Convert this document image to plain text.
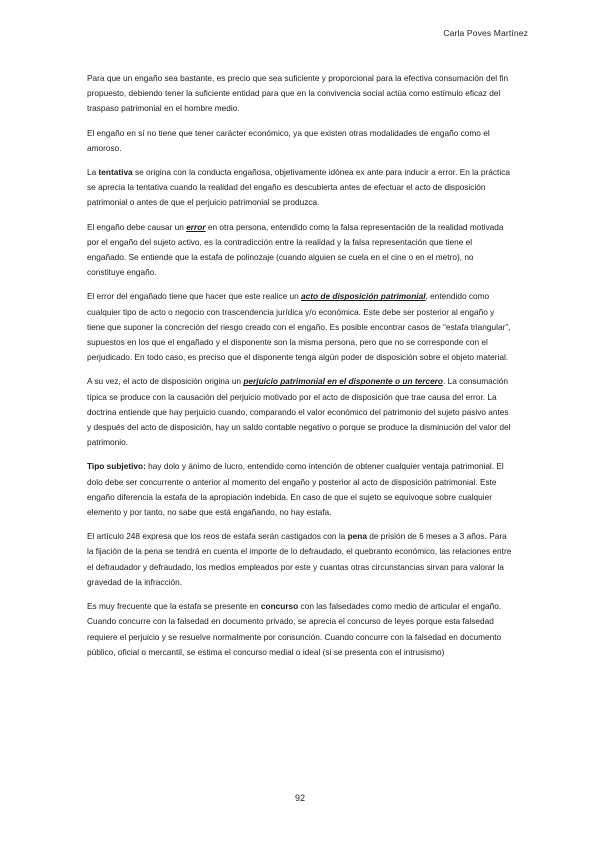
Carla Poves Martínez

Para que un engaño sea bastante, es precio que sea suficiente y proporcional para la efectiva consumación del fin propuesto, debiendo tener la suficiente entidad para que en la convivencia social actúa como estímulo eficaz del traspaso patrimonial en el hombre medio.

El engaño en sí no tiene que tener carácter económico, ya que existen otras modalidades de engaño como el amoroso.

La tentativa se origina con la conducta engañosa, objetivamente idónea ex ante para inducir a error. En la práctica se aprecia la tentativa cuando la realidad del engaño es descubierta antes de efectuar el acto de disposición patrimonial o antes de que el perjuicio patrimonial se produzca.

El engaño debe causar un error en otra persona, entendido como la falsa representación de la realidad motivada por el engaño del sujeto activo, es la contradicción entre la realidad y la falsa representación que tiene el engañado. Se entiende que la estafa de polinozaje (cuando alguien se cuela en el cine o en el metro), no constituye engaño.

El error del engañado tiene que hacer que este realice un acto de disposición patrimonial, entendido como cualquier tipo de acto o negocio con trascendencia jurídica y/o económica. Este debe ser posterior al engaño y tiene que suponer la concreción del riesgo creado con el engaño. Es posible encontrar casos de “estafa triangular”, supuestos en los que el engañado y el disponente son la misma persona, pero que no se corresponde con el perjudicado. En todo caso, es preciso que el disponente tenga algún poder de disposición sobre el objeto material.

A su vez, el acto de disposición origina un perjuicio patrimonial en el disponente o un tercero. La consumación típica se produce con la causación del perjuicio motivado por el acto de disposición que trae causa del error. La doctrina entiende que hay perjuicio cuando, comparando el valor económico del patrimonio del sujeto pasivo antes y después del acto de disposición, hay un saldo contable negativo o porque se produce la disminución del valor del patrimonio.

Tipo subjetivo: hay dolo y ánimo de lucro, entendido como intención de obtener cualquier ventaja patrimonial. El dolo debe ser concurrente o anterior al momento del engaño y posterior al acto de disposición patrimonial. Este engaño diferencia la estafa de la apropiación indebida. En caso de que el sujeto se equivoque sobre cualquier elemento y por tanto, no sabe que está engañando, no hay estafa.

El artículo 248 expresa que los reos de estafa serán castigados con la pena de prisión de 6 meses a 3 años. Para la fijación de la pena se tendrá en cuenta el importe de lo defraudado, el quebranto económico, las relaciones entre el defraudador y defraudado, los medios empleados por este y cuantas otras circunstancias sirvan para valorar la gravedad de la infracción.

Es muy frecuente que la estafa se presente en concurso con las falsedades como medio de articular el engaño. Cuando concurre con la falsedad en documento privado, se aprecia el concurso de leyes porque esta falsedad requiere el perjuicio y se resuelve normalmente por consunción. Cuando concurre con la falsedad en documento público, oficial o mercantil, se estima el concurso medial o ideal (si se presenta con el intrusismo)

92
